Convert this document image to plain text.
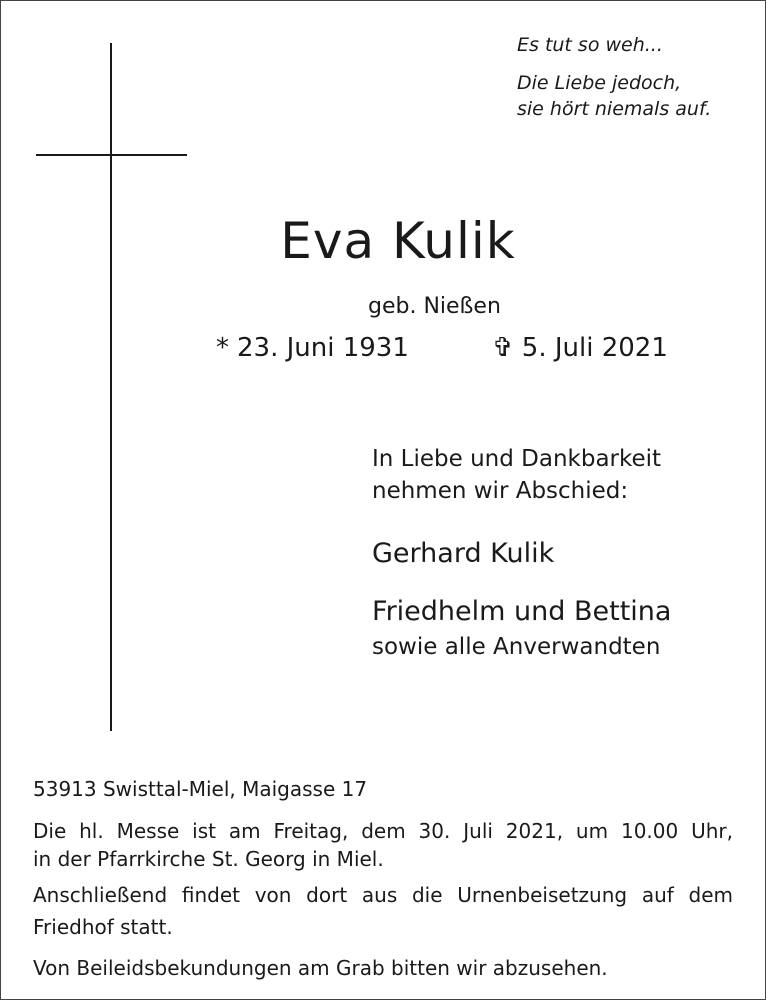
Es tut so weh...
Die Liebe jedoch,
sie hört niemals auf.
Eva Kulik
geb. Nießen
* 23. Juni 1931	✞ 5. Juli 2021
In Liebe und Dankbarkeit
nehmen wir Abschied:
Gerhard Kulik
Friedhelm und Bettina
sowie alle Anverwandten
53913 Swisttal-Miel, Maigasse 17
Die hl. Messe ist am Freitag, dem 30. Juli 2021, um 10.00 Uhr,
in der Pfarrkirche St. Georg in Miel.
Anschließend findet von dort aus die Urnenbeisetzung auf dem
Friedhof statt.
Von Beileidsbekundungen am Grab bitten wir abzusehen.
